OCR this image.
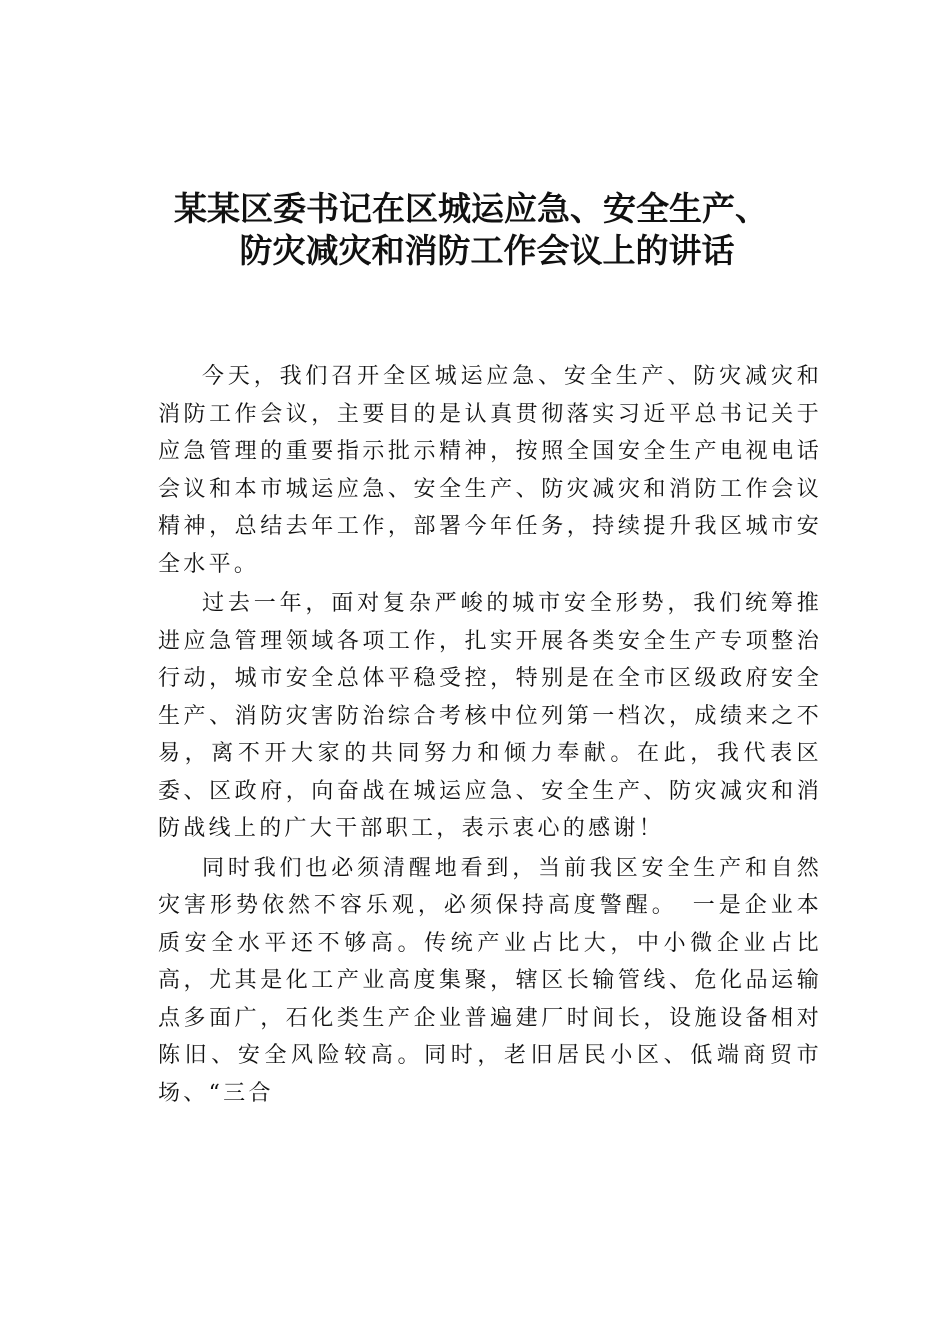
某某区委书记在区城运应急、安全生产、
防灾减灾和消防工作会议上的讲话

今天，我们召开全区城运应急、安全生产、防灾减灾和消防工作会议，主要目的是认真贯彻落实习近平总书记关于应急管理的重要指示批示精神，按照全国安全生产电视电话会议和本市城运应急、安全生产、防灾减灾和消防工作会议精神，总结去年工作，部署今年任务，持续提升我区城市安全水平。

过去一年，面对复杂严峻的城市安全形势，我们统筹推进应急管理领域各项工作，扎实开展各类安全生产专项整治行动，城市安全总体平稳受控，特别是在全市区级政府安全生产、消防灾害防治综合考核中位列第一档次，成绩来之不易，离不开大家的共同努力和倾力奉献。在此，我代表区委、区政府，向奋战在城运应急、安全生产、防灾减灾和消防战线上的广大干部职工，表示衷心的感谢！

同时我们也必须清醒地看到，当前我区安全生产和自然灾害形势依然不容乐观，必须保持高度警醒。　一是企业本质安全水平还不够高。传统产业占比大，中小微企业占比高，尤其是化工产业高度集聚，辖区长输管线、危化品运输点多面广，石化类生产企业普遍建厂时间长，设施设备相对陈旧、安全风险较高。同时，老旧居民小区、低端商贸市场、“三合
